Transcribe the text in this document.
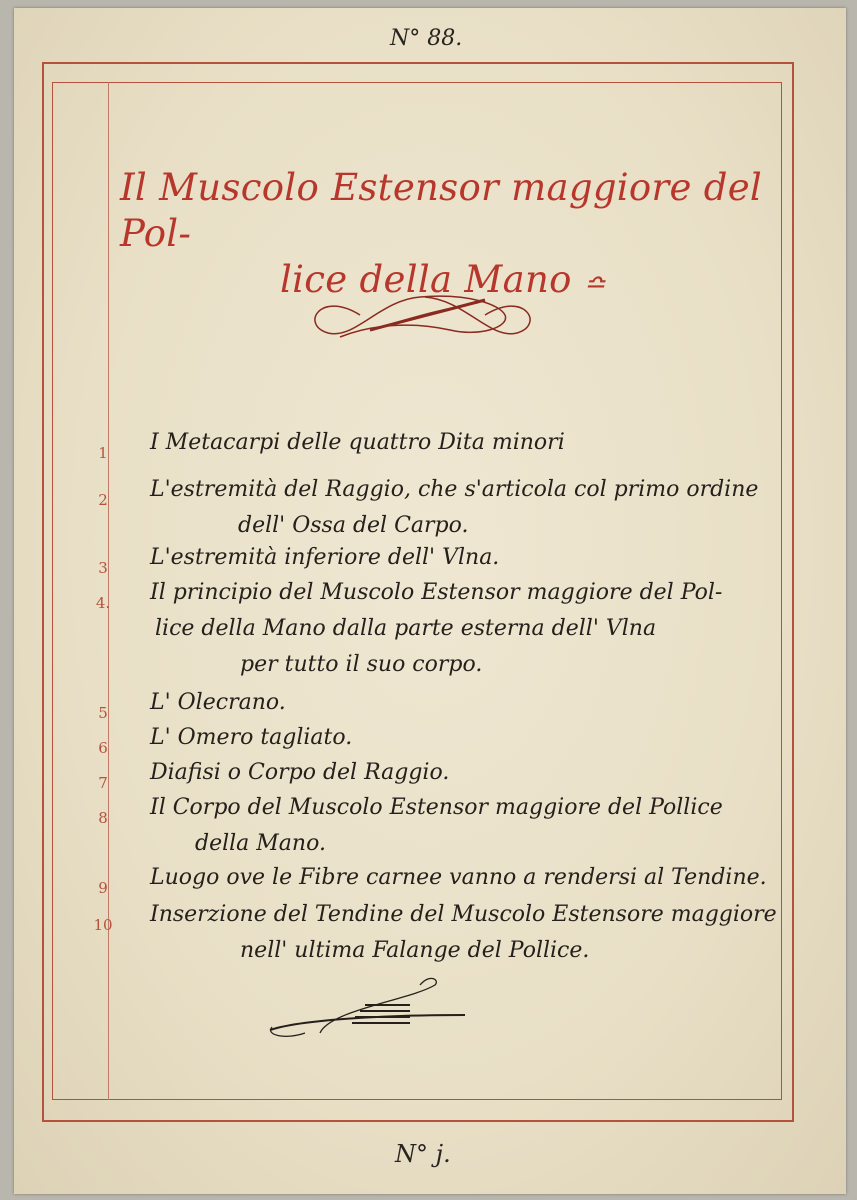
N° 88.
Il Muscolo Estensor maggiore del Pol-
lice della Mano ≏
1 I Metacarpi delle quattro Dita minori
2 L'estremità del Raggio, che s'articola col primo ordine
dell' Ossa del Carpo.
3 L'estremità inferiore dell' Vlna.
4. Il principio del Muscolo Estensor maggiore del Pol-
lice della Mano dalla parte esterna dell' Vlna
per tutto il suo corpo.
5 L' Olecrano.
6 L' Omero tagliato.
7 Diafisi o Corpo del Raggio.
8 Il Corpo del Muscolo Estensor maggiore del Pollice
della Mano.
9 Luogo ove le Fibre carnee vanno a rendersi al Tendine.
10 Inserzione del Tendine del Muscolo Estensore maggiore
nell' ultima Falange del Pollice.
N° j.
